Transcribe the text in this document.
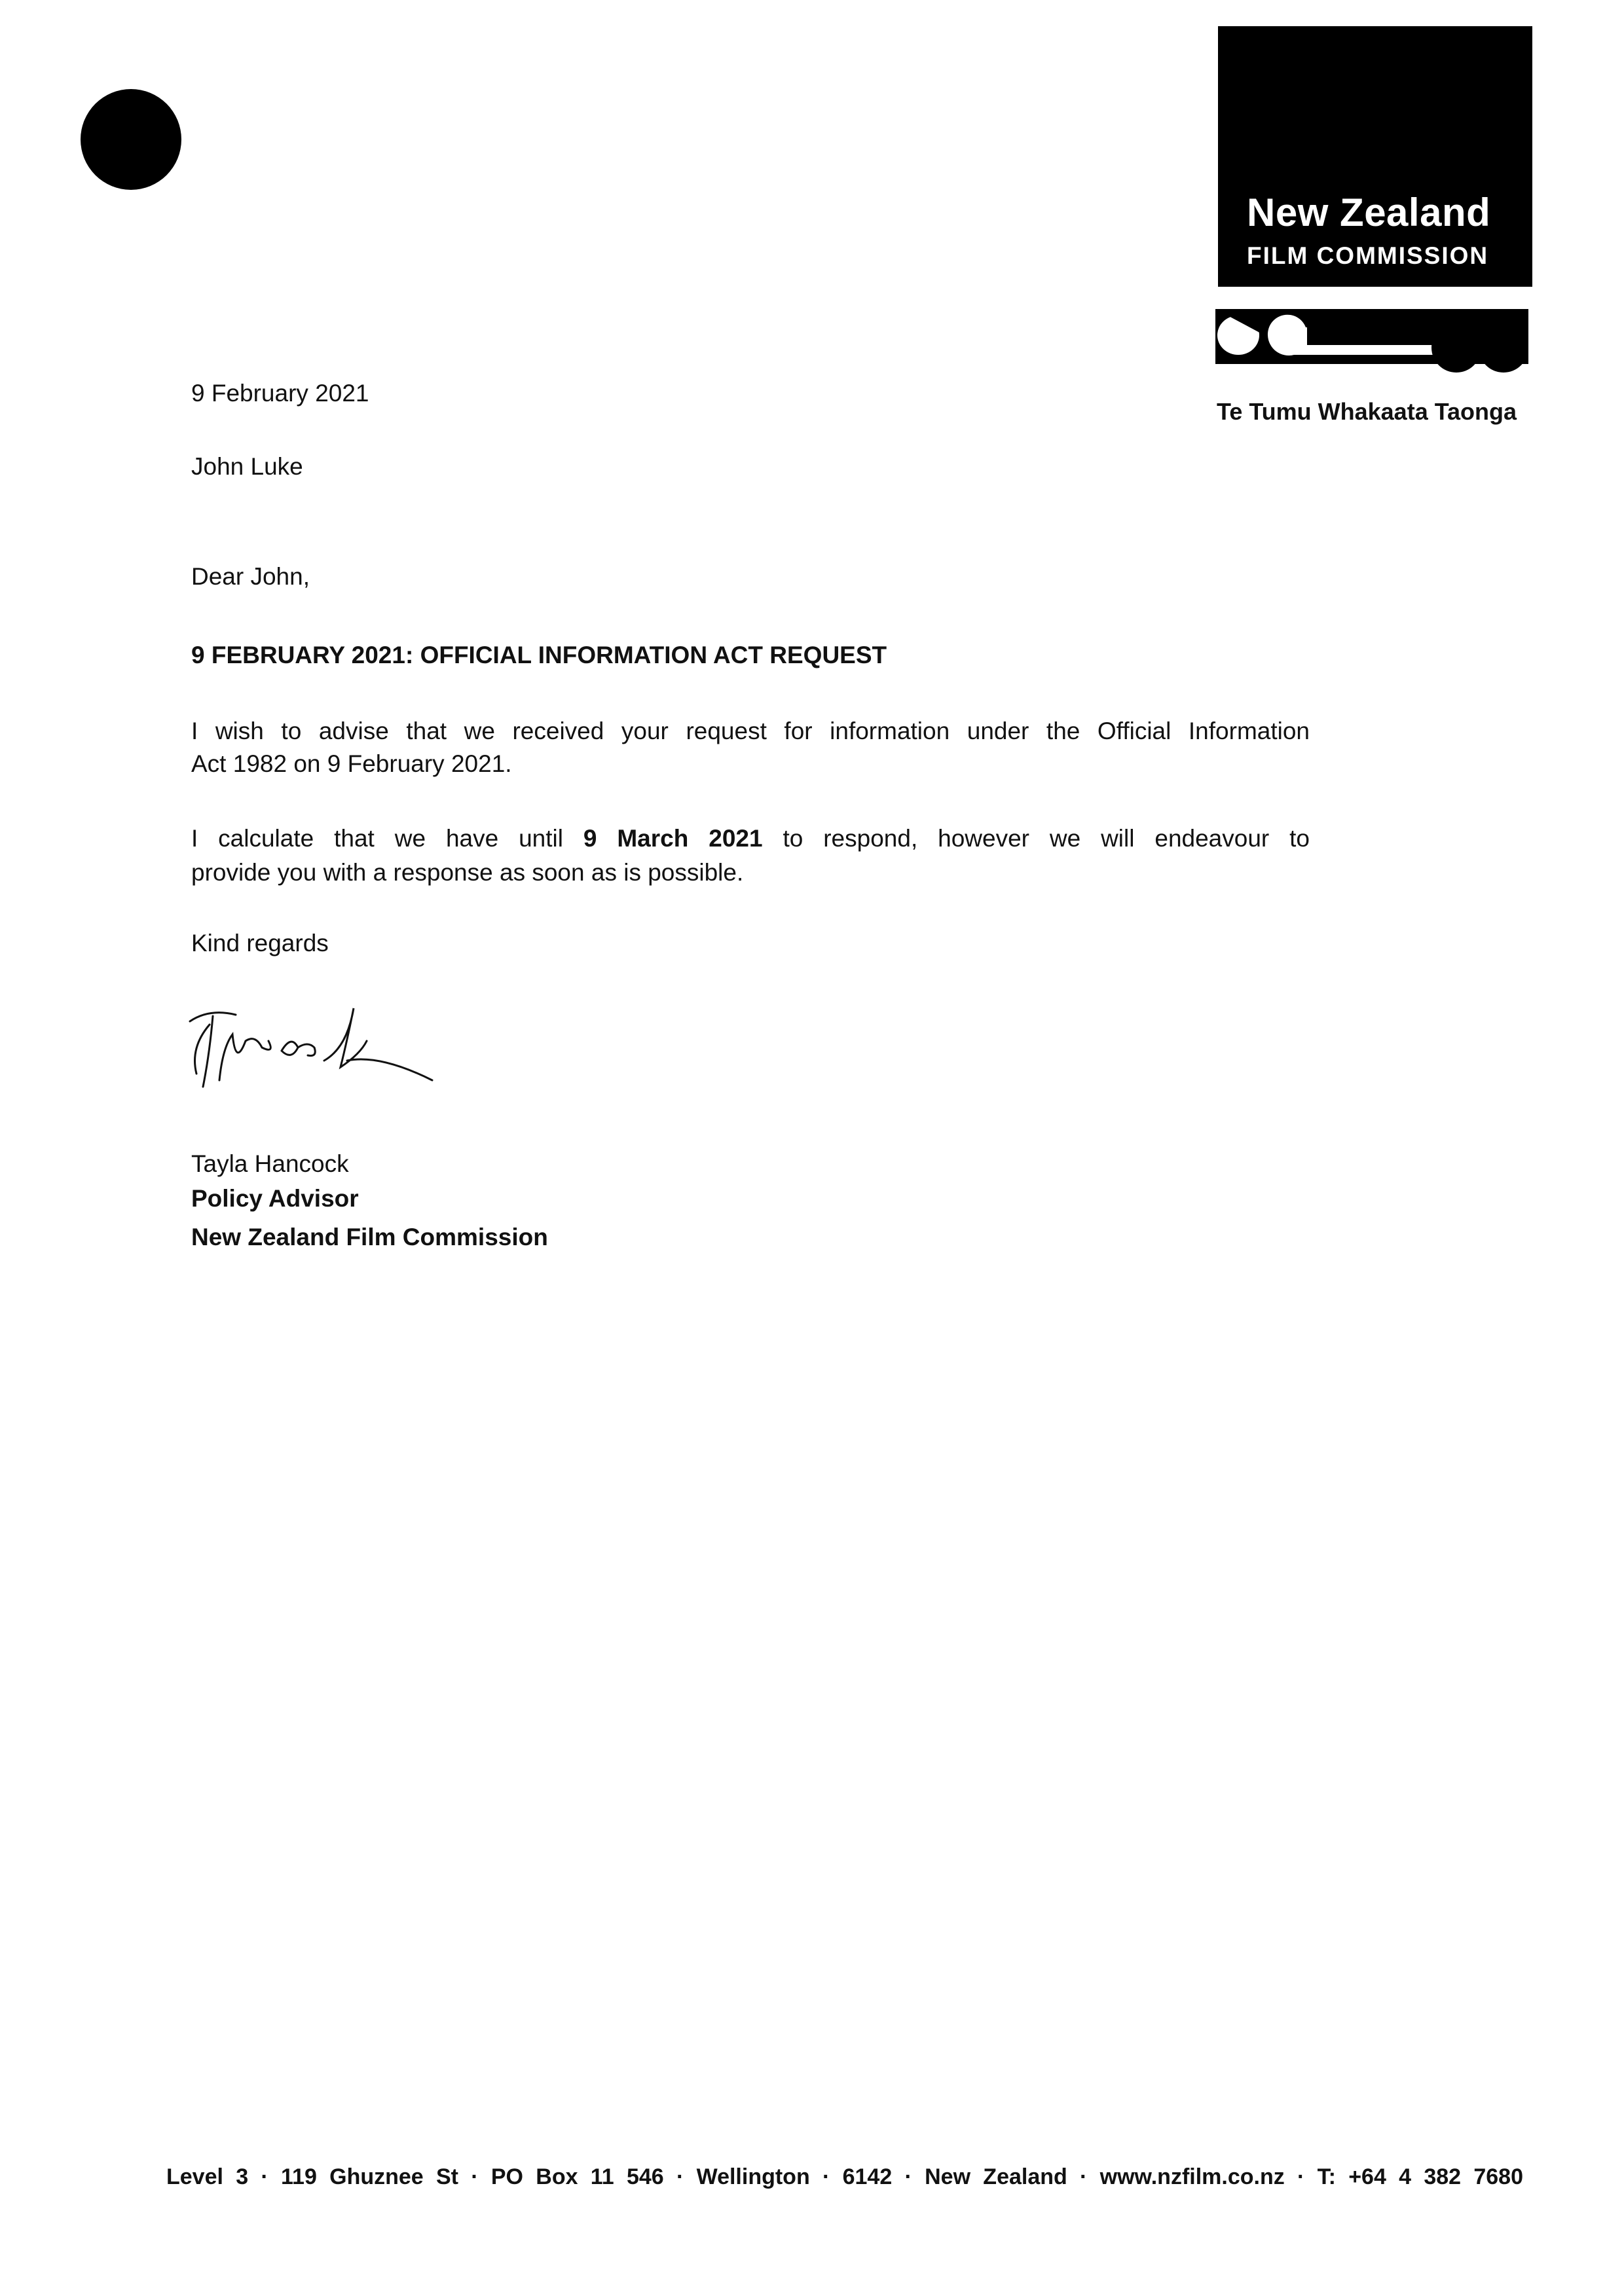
New Zealand
FILM COMMISSION
Te Tumu Whakaata Taonga
9 February 2021
John Luke
Dear John,
9 FEBRUARY 2021: OFFICIAL INFORMATION ACT REQUEST
I wish to advise that we received your request for information under the Official Information
Act 1982 on 9 February 2021.
I calculate that we have until 9 March 2021 to respond, however we will endeavour to
provide you with a response as soon as is possible.
Kind regards
Tayla Hancock
Policy Advisor
New Zealand Film Commission
Level 3 · 119 Ghuznee St · PO Box 11 546 · Wellington · 6142 · New Zealand · www.nzfilm.co.nz · T: +64 4 382 7680
